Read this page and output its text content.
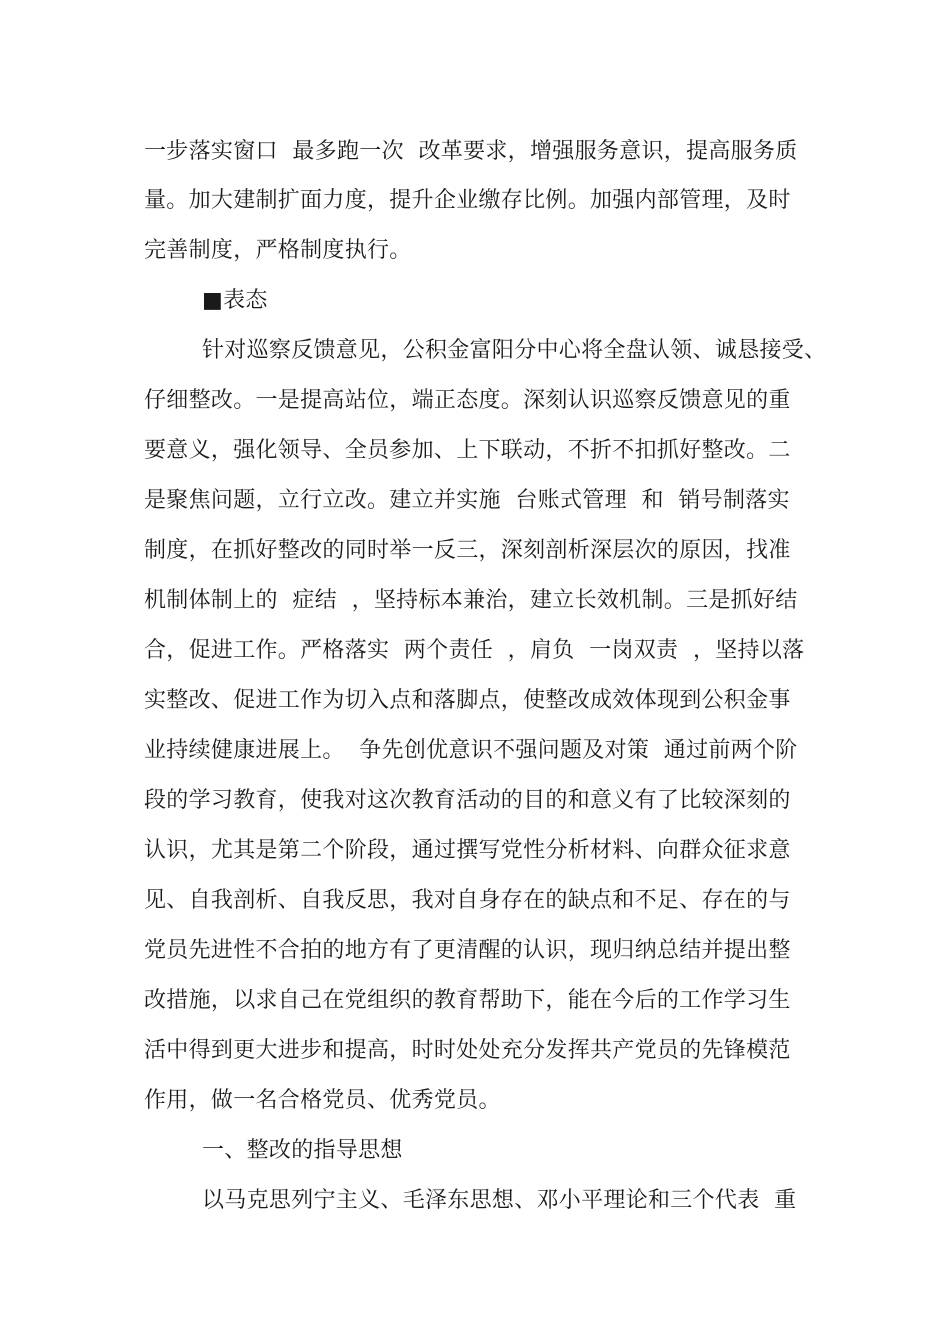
一步落实窗口  最多跑一次  改革要求，增强服务意识，提高服务质
量。加大建制扩面力度，提升企业缴存比例。加强内部管理，及时
完善制度，严格制度执行。
■表态
针对巡察反馈意见，公积金富阳分中心将全盘认领、诚恳接受、
仔细整改。一是提高站位，端正态度。深刻认识巡察反馈意见的重
要意义，强化领导、全员参加、上下联动，不折不扣抓好整改。二
是聚焦问题，立行立改。建立并实施  台账式管理  和  销号制落实
制度，在抓好整改的同时举一反三，深刻剖析深层次的原因，找准
机制体制上的  症结  ，坚持标本兼治，建立长效机制。三是抓好结
合，促进工作。严格落实  两个责任  ，肩负  一岗双责  ，坚持以落
实整改、促进工作为切入点和落脚点，使整改成效体现到公积金事
业持续健康进展上。  争先创优意识不强问题及对策  通过前两个阶
段的学习教育，使我对这次教育活动的目的和意义有了比较深刻的
认识，尤其是第二个阶段，通过撰写党性分析材料、向群众征求意
见、自我剖析、自我反思，我对自身存在的缺点和不足、存在的与
党员先进性不合拍的地方有了更清醒的认识，现归纳总结并提出整
改措施，以求自己在党组织的教育帮助下，能在今后的工作学习生
活中得到更大进步和提高，时时处处充分发挥共产党员的先锋模范
作用，做一名合格党员、优秀党员。
一、整改的指导思想
以马克思列宁主义、毛泽东思想、邓小平理论和三个代表  重
